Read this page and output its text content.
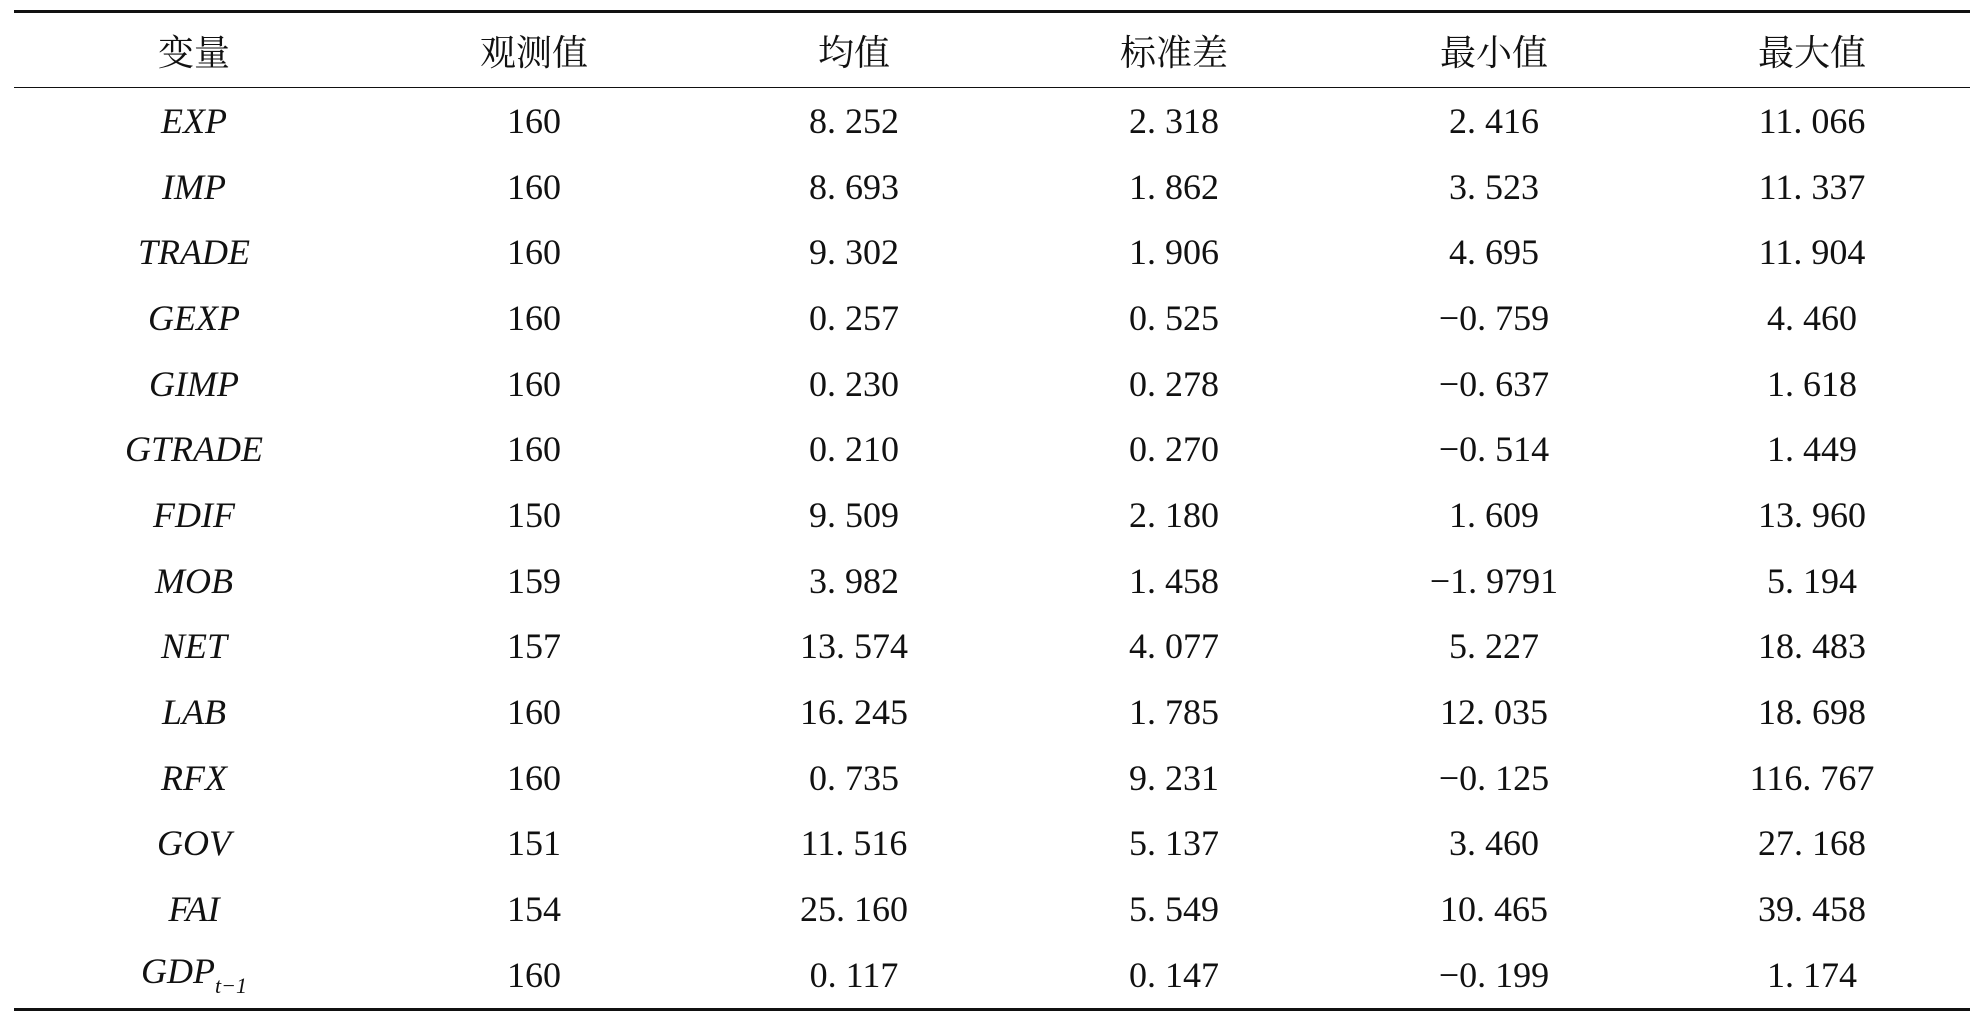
变量	观测值	均值	标准差	最小值	最大值
EXP	160	8. 252	2. 318	2. 416	11. 066
IMP	160	8. 693	1. 862	3. 523	11. 337
TRADE	160	9. 302	1. 906	4. 695	11. 904
GEXP	160	0. 257	0. 525	−0. 759	4. 460
GIMP	160	0. 230	0. 278	−0. 637	1. 618
GTRADE	160	0. 210	0. 270	−0. 514	1. 449
FDIF	150	9. 509	2. 180	1. 609	13. 960
MOB	159	3. 982	1. 458	−1. 9791	5. 194
NET	157	13. 574	4. 077	5. 227	18. 483
LAB	160	16. 245	1. 785	12. 035	18. 698
RFX	160	0. 735	9. 231	−0. 125	116. 767
GOV	151	11. 516	5. 137	3. 460	27. 168
FAI	154	25. 160	5. 549	10. 465	39. 458
$GDP_{t-1}$	160	0. 117	0. 147	−0. 199	1. 174
